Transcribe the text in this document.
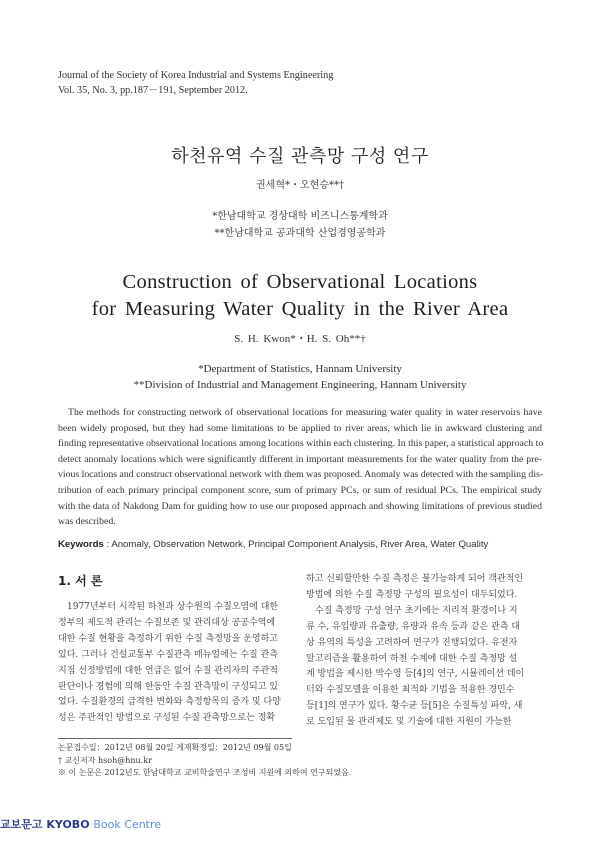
Journal of the Society of Korea Industrial and Systems Engineering
Vol. 35, No. 3, pp.187－191, September 2012.
하천유역 수질 관측망 구성 연구
권세혁*・오현승**†
*한남대학교 경상대학 비즈니스통계학과
**한남대학교 공과대학 산업경영공학과
Construction of Observational Locations
for Measuring Water Quality in the River Area
S. H. Kwon*・H. S. Oh**†
*Department of Statistics, Hannam University
**Division of Industrial and Management Engineering, Hannam University
The methods for constructing network of observational locations for measuring water quality in water reservoirs have
been widely proposed, but they had some limitations to be applied to river areas, which lie in awkward clustering and
finding representative observational locations among locations within each clustering. In this paper, a statistical approach to
detect anomaly locations which were significantly different in important measurements for the water quality from the pre-
vious locations and construct observational network with them was proposed. Anomaly was detected with the sampling dis-
tribution of each primary principal component score, sum of primary PCs, or sum of residual PCs. The empirical study
with the data of Nakdong Dam for guiding how to use our proposed approach and showing limitations of previous studied
was described.
Keywords : Anomaly, Observation Network, Principal Component Analysis, River Area, Water Quality
1. 서 론
1977년부터 시작된 하천과 상수원의 수질오염에 대한
정부의 제도적 관리는 수질보존 및 관리대상 공공수역에
대한 수질 현황을 측정하기 위한 수질 측정망을 운영하고
있다. 그러나 건설교통부 수질관측 매뉴얼에는 수질 관측
지점 선정방법에 대한 언급은 없어 수질 관리자의 주관적
판단이나 경험에 의해 한동안 수질 관측망이 구성되고 있
었다. 수질환경의 급격한 변화와 측정항목의 증가 및 다양
성은 주관적인 방법으로 구성된 수질 관측망으로는 정확
하고 신뢰할만한 수질 측정은 불가능하게 되어 객관적인
방법에 의한 수질 측정망 구성의 필요성이 대두되었다.
수질 측정망 구성 연구 초기에는 지리적 환경이나 지
류 수, 유입량과 유출량, 유량과 유속 등과 같은 관측 대
상 유역의 특성을 고려하여 연구가 진행되었다. 유전자
알고리즘을 활용하여 하천 수계에 대한 수질 측정망 설
계 방법을 제시한 박수영 등[4]의 연구, 시뮬레이션 데이
터와 수질모델을 이용한 최적화 기법을 적용한 경민수
등[1]의 연구가 있다. 황수균 등[5]은 수질특성 파악, 새
로 도입된 물 관리제도 및 기술에 대한 지원이 가능한
논문접수일：2012년 08월 20일 게재확정일：2012년 09월 05일
† 교신저자 hsoh@hnu.kr
※ 이 논문은 2012년도 한남대학교 교비학술연구 조성비 지원에 의하여 연구되었음.
교보문고 KYOBO Book Centre
